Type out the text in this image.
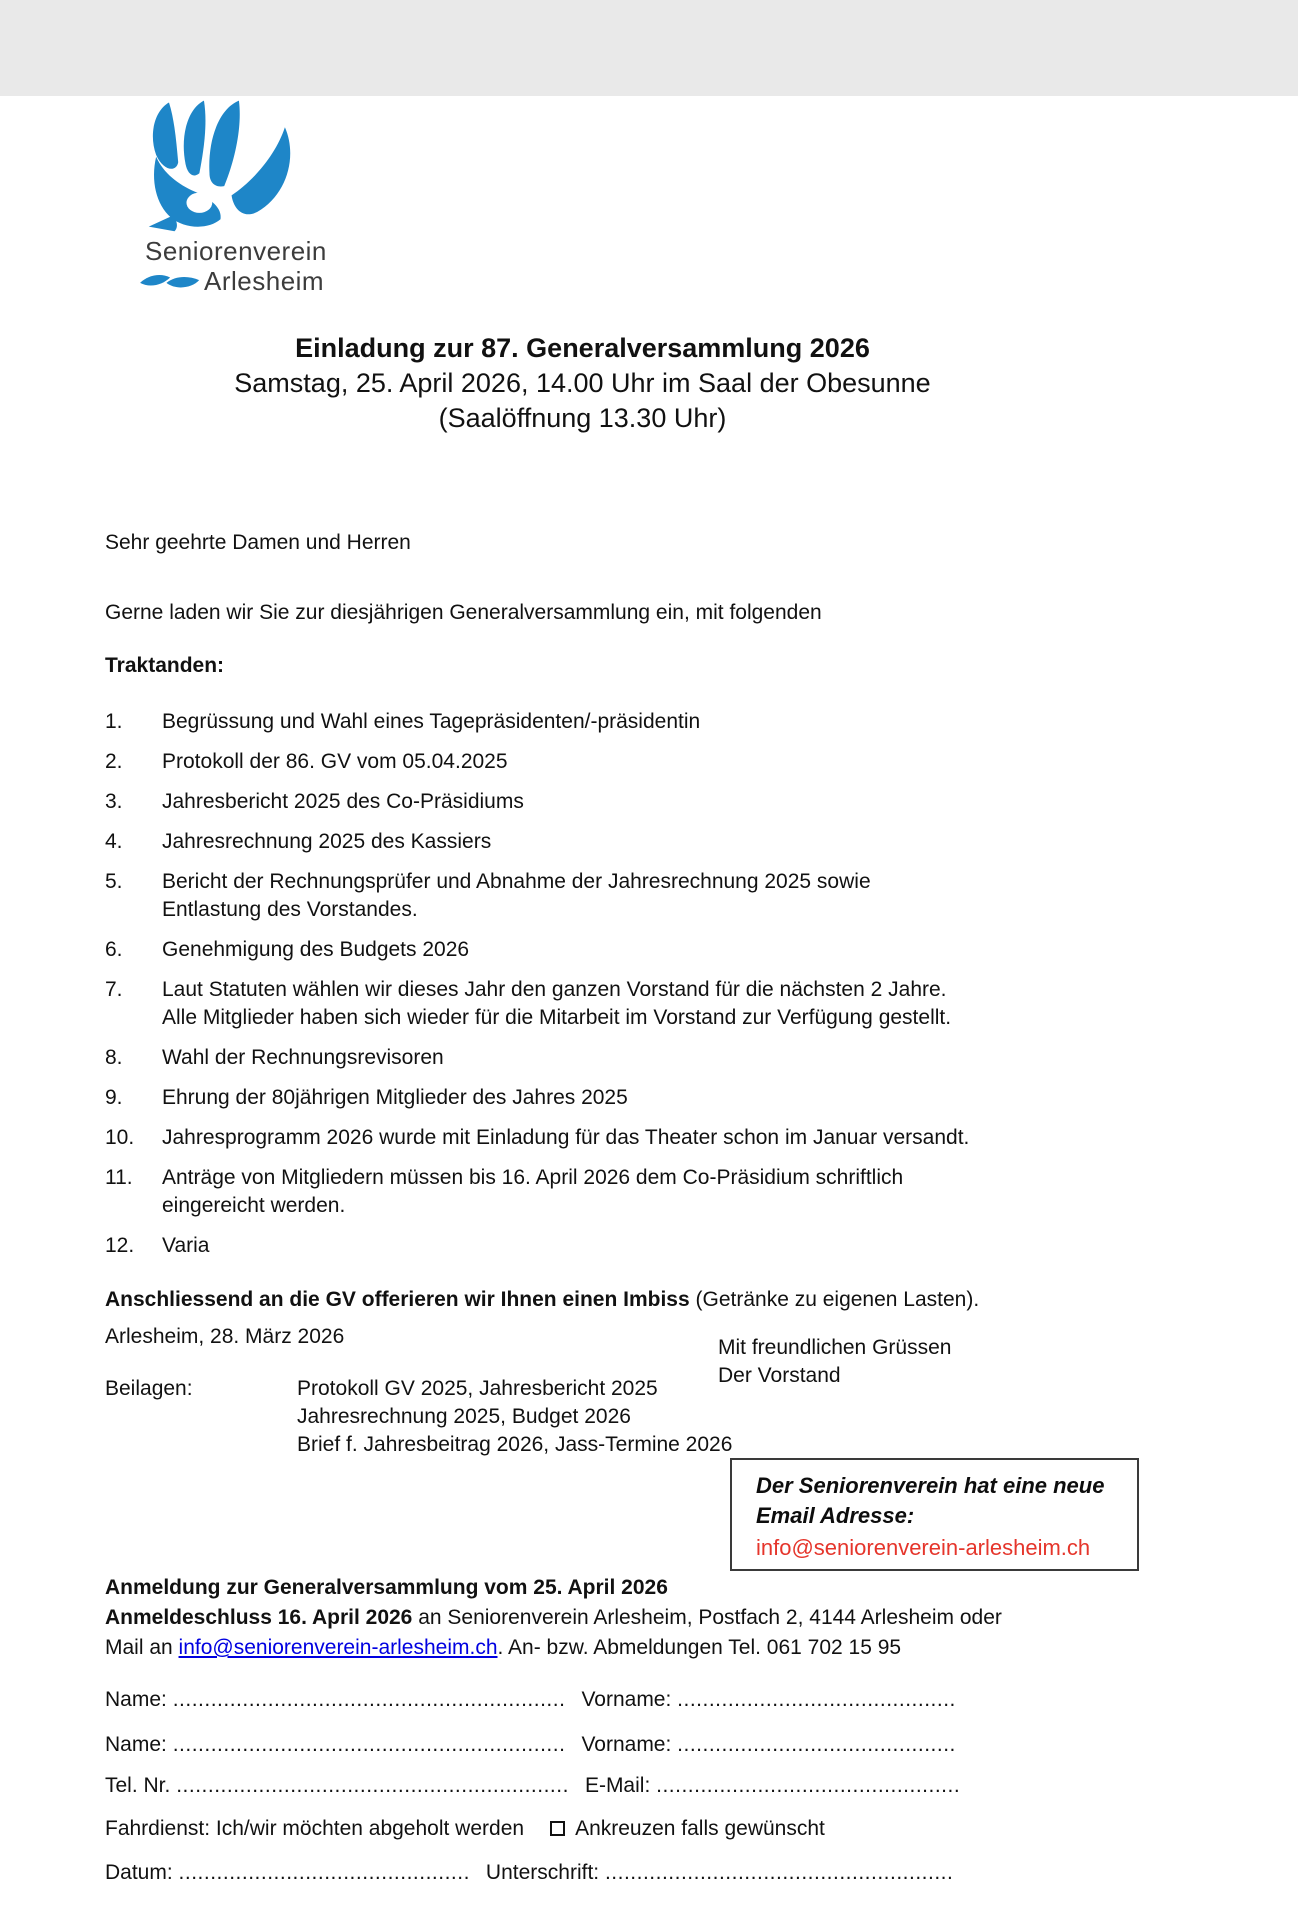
Seniorenverein
Arlesheim
Einladung zur 87. Generalversammlung 2026
Samstag, 25. April 2026, 14.00 Uhr im Saal der Obesunne
(Saalöffnung 13.30 Uhr)
Sehr geehrte Damen und Herren
Gerne laden wir Sie zur diesjährigen Generalversammlung ein, mit folgenden
Traktanden:
1.	Begrüssung und Wahl eines Tagepräsidenten/-präsidentin
2.	Protokoll der 86. GV vom 05.04.2025
3.	Jahresbericht 2025 des Co-Präsidiums
4.	Jahresrechnung 2025 des Kassiers
5.	Bericht der Rechnungsprüfer und Abnahme der Jahresrechnung 2025 sowie
Entlastung des Vorstandes.
6.	Genehmigung des Budgets 2026
7.	Laut Statuten wählen wir dieses Jahr den ganzen Vorstand für die nächsten 2 Jahre.
Alle Mitglieder haben sich wieder für die Mitarbeit im Vorstand zur Verfügung gestellt.
8.	Wahl der Rechnungsrevisoren
9.	Ehrung der 80jährigen Mitglieder des Jahres 2025
10.	Jahresprogramm 2026 wurde mit Einladung für das Theater schon im Januar versandt.
11.	Anträge von Mitgliedern müssen bis 16. April 2026 dem Co-Präsidium schriftlich
eingereicht werden.
12.	Varia
Anschliessend an die GV offerieren wir Ihnen einen Imbiss (Getränke zu eigenen Lasten).
Arlesheim, 28. März 2026
Beilagen:	Protokoll GV 2025, Jahresbericht 2025
Jahresrechnung 2025, Budget 2026
Brief f. Jahresbeitrag 2026, Jass-Termine 2026
Anmeldung zur Generalversammlung vom 25. April 2026
Anmeldeschluss 16. April 2026 an Seniorenverein Arlesheim, Postfach 2, 4144 Arlesheim oder
Mail an info@seniorenverein-arlesheim.ch. An- bzw. Abmeldungen Tel. 061 702 15 95
Name: .............................................................. Vorname: ............................................
Name: .............................................................. Vorname: ............................................
Tel. Nr. .............................................................. E-Mail: ................................................
Fahrdienst: Ich/wir möchten abgeholt werden Ankreuzen falls gewünscht
Datum: .............................................. Unterschrift: .......................................................
Mit freundlichen Grüssen
Der Vorstand
Der Seniorenverein hat eine neue
Email Adresse:
info@seniorenverein-arlesheim.ch
